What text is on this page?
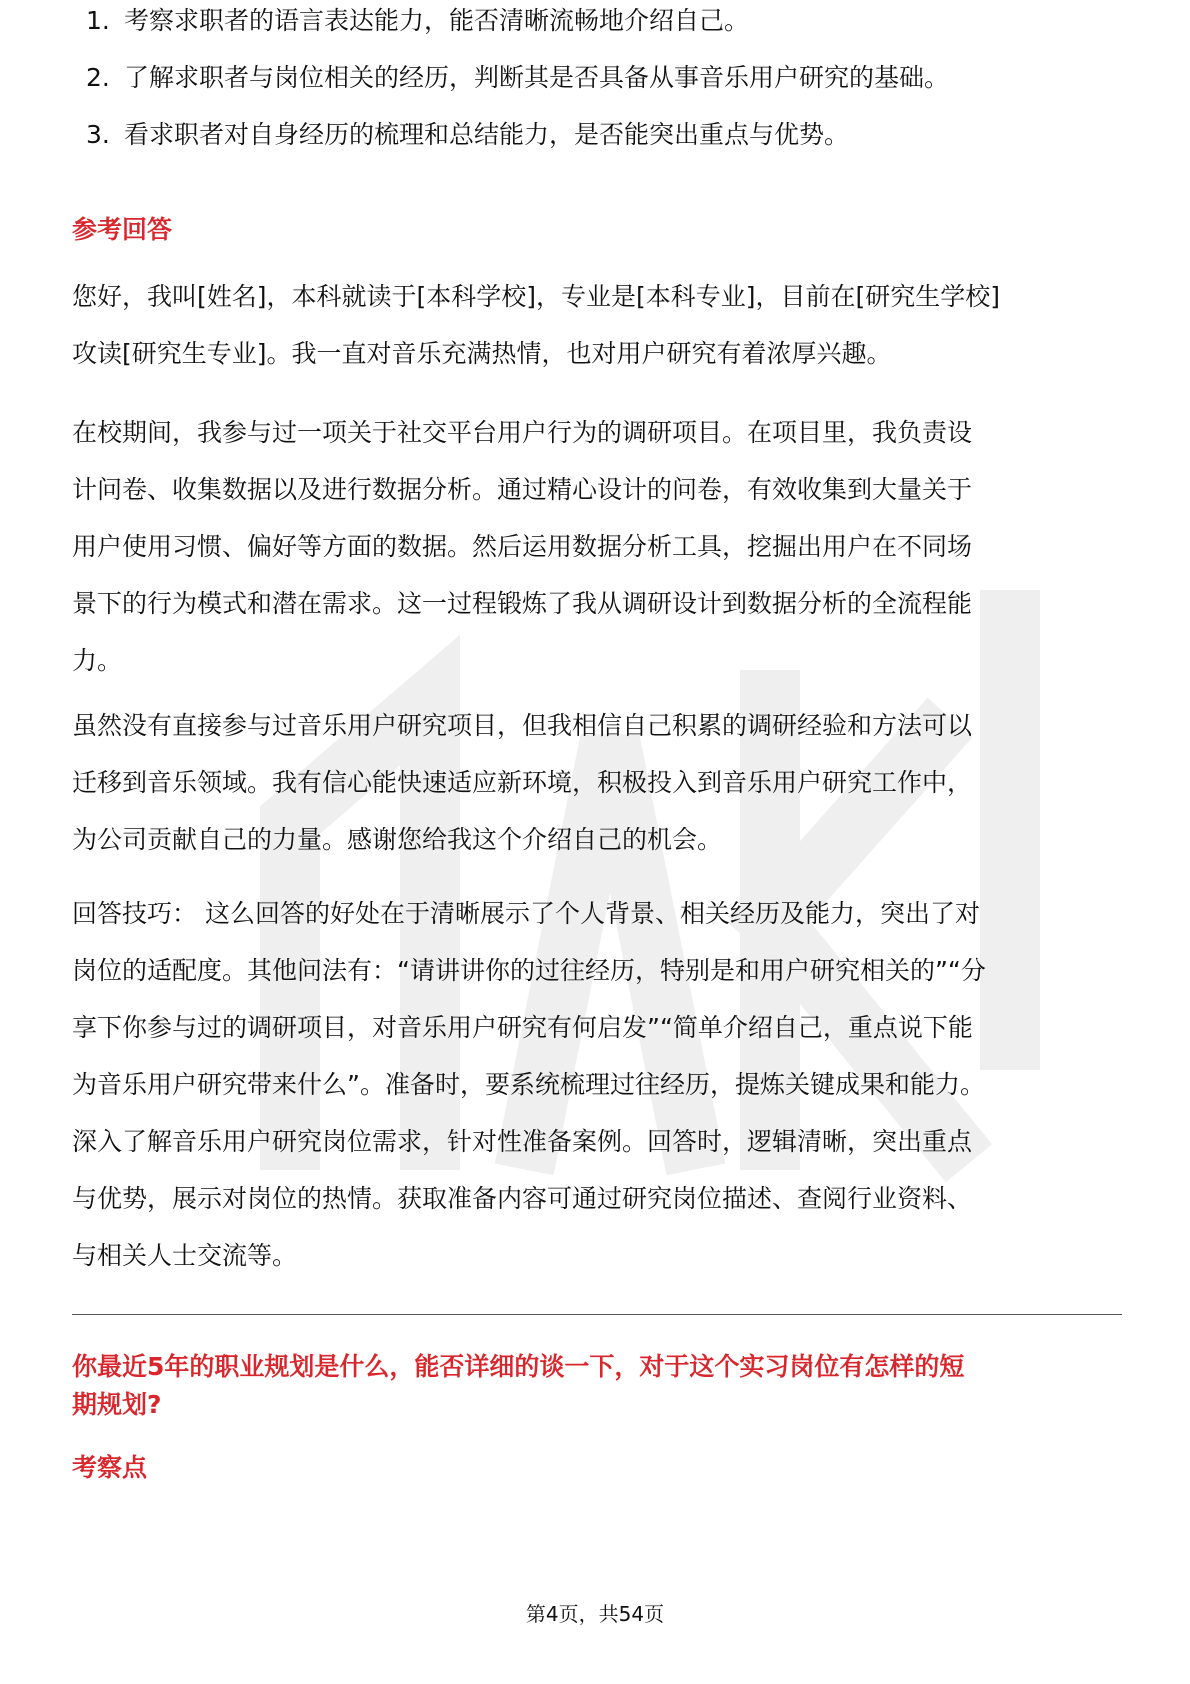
1. 考察求职者的语言表达能力，能否清晰流畅地介绍自己。
2. 了解求职者与岗位相关的经历，判断其是否具备从事音乐用户研究的基础。
3. 看求职者对自身经历的梳理和总结能力，是否能突出重点与优势。
参考回答

您好，我叫[姓名]，本科就读于[本科学校]，专业是[本科专业]，目前在[研究生学校]
攻读[研究生专业]。我一直对音乐充满热情，也对用户研究有着浓厚兴趣。

在校期间，我参与过一项关于社交平台用户行为的调研项目。在项目里，我负责设
计问卷、收集数据以及进行数据分析。通过精心设计的问卷，有效收集到大量关于
用户使用习惯、偏好等方面的数据。然后运用数据分析工具，挖掘出用户在不同场
景下的行为模式和潜在需求。这一过程锻炼了我从调研设计到数据分析的全流程能
力。

虽然没有直接参与过音乐用户研究项目，但我相信自己积累的调研经验和方法可以
迁移到音乐领域。我有信心能快速适应新环境，积极投入到音乐用户研究工作中，
为公司贡献自己的力量。感谢您给我这个介绍自己的机会。

回答技巧： 这么回答的好处在于清晰展示了个人背景、相关经历及能力，突出了对
岗位的适配度。其他问法有：“请讲讲你的过往经历，特别是和用户研究相关的”“分
享下你参与过的调研项目，对音乐用户研究有何启发”“简单介绍自己，重点说下能
为音乐用户研究带来什么”。准备时，要系统梳理过往经历，提炼关键成果和能力。
深入了解音乐用户研究岗位需求，针对性准备案例。回答时，逻辑清晰，突出重点
与优势，展示对岗位的热情。获取准备内容可通过研究岗位描述、查阅行业资料、
与相关人士交流等。

你最近5年的职业规划是什么，能否详细的谈一下，对于这个实习岗位有怎样的短
期规划?

考察点
第4页，共54页
